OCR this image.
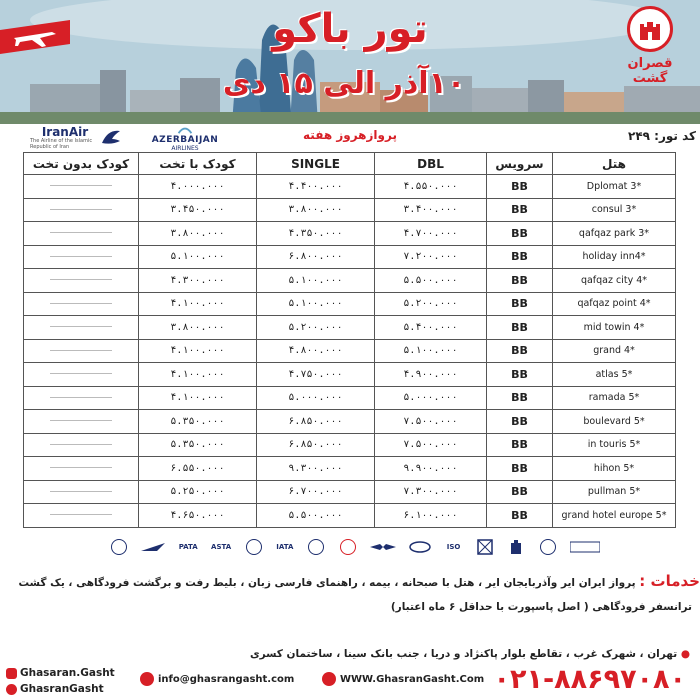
تور باکو
۱۰آذر الی ۱۵ دی
قصران گشت
IranAir
The Airline of the Islamic Republic of Iran
AZERBAIJAN
AIRLINES
پروازهروز هفته	کد تور: ۲۴۹
کودک بدون تخت	کودک با تخت	SINGLE	DBL	سرویس	هتل
	۴.۰۰۰.۰۰۰	۴.۴۰۰.۰۰۰	۴.۵۵۰.۰۰۰	BB	Dplomat 3*
	۳.۴۵۰.۰۰۰	۳.۸۰۰.۰۰۰	۳.۴۰۰.۰۰۰	BB	consul 3*
	۳.۸۰۰.۰۰۰	۴.۳۵۰.۰۰۰	۴.۷۰۰.۰۰۰	BB	qafqaz park 3*
	۵.۱۰۰.۰۰۰	۶.۸۰۰.۰۰۰	۷.۲۰۰.۰۰۰	BB	holiday inn4*
	۴.۳۰۰.۰۰۰	۵.۱۰۰.۰۰۰	۵.۵۰۰.۰۰۰	BB	qafqaz city 4*
	۴.۱۰۰.۰۰۰	۵.۱۰۰.۰۰۰	۵.۲۰۰.۰۰۰	BB	qafqaz point 4*
	۳.۸۰۰.۰۰۰	۵.۲۰۰.۰۰۰	۵.۴۰۰.۰۰۰	BB	mid towin 4*
	۴.۱۰۰.۰۰۰	۴.۸۰۰.۰۰۰	۵.۱۰۰.۰۰۰	BB	grand 4*
	۴.۱۰۰.۰۰۰	۴.۷۵۰.۰۰۰	۴.۹۰۰.۰۰۰	BB	atlas 5*
	۴.۱۰۰.۰۰۰	۵.۰۰۰.۰۰۰	۵.۰۰۰.۰۰۰	BB	ramada 5*
	۵.۳۵۰.۰۰۰	۶.۸۵۰.۰۰۰	۷.۵۰۰.۰۰۰	BB	boulevard 5*
	۵.۳۵۰.۰۰۰	۶.۸۵۰.۰۰۰	۷.۵۰۰.۰۰۰	BB	in touris 5*
	۶.۵۵۰.۰۰۰	۹.۳۰۰.۰۰۰	۹.۹۰۰.۰۰۰	BB	hihon 5*
	۵.۲۵۰.۰۰۰	۶.۷۰۰.۰۰۰	۷.۳۰۰.۰۰۰	BB	pullman 5*
	۴.۶۵۰.۰۰۰	۵.۵۰۰.۰۰۰	۶.۱۰۰.۰۰۰	BB	grand hotel europe 5*
PATA ASTA	IATA	ISO
خدمات : پرواز ایران ایر وآذربایجان ایر ، هتل با صبحانه ، بیمه ، راهنمای فارسی زبان ، بلیط رفت و برگشت فرودگاهی ، یک گشت
ترانسفر فرودگاهی ( اصل پاسپورت با حداقل ۶ ماه اعتبار)
● تهران ، شهرک غرب ، تقاطع بلوار پاکنژاد و دریا ، جنب بانک سینا ، ساختمان کسری
Ghasaran.Gasht
GhasranGasht
info@ghasrangasht.com	WWW.GhasranGasht.Com ۰۲۱-۸۸۶۹۷۰۸۰
